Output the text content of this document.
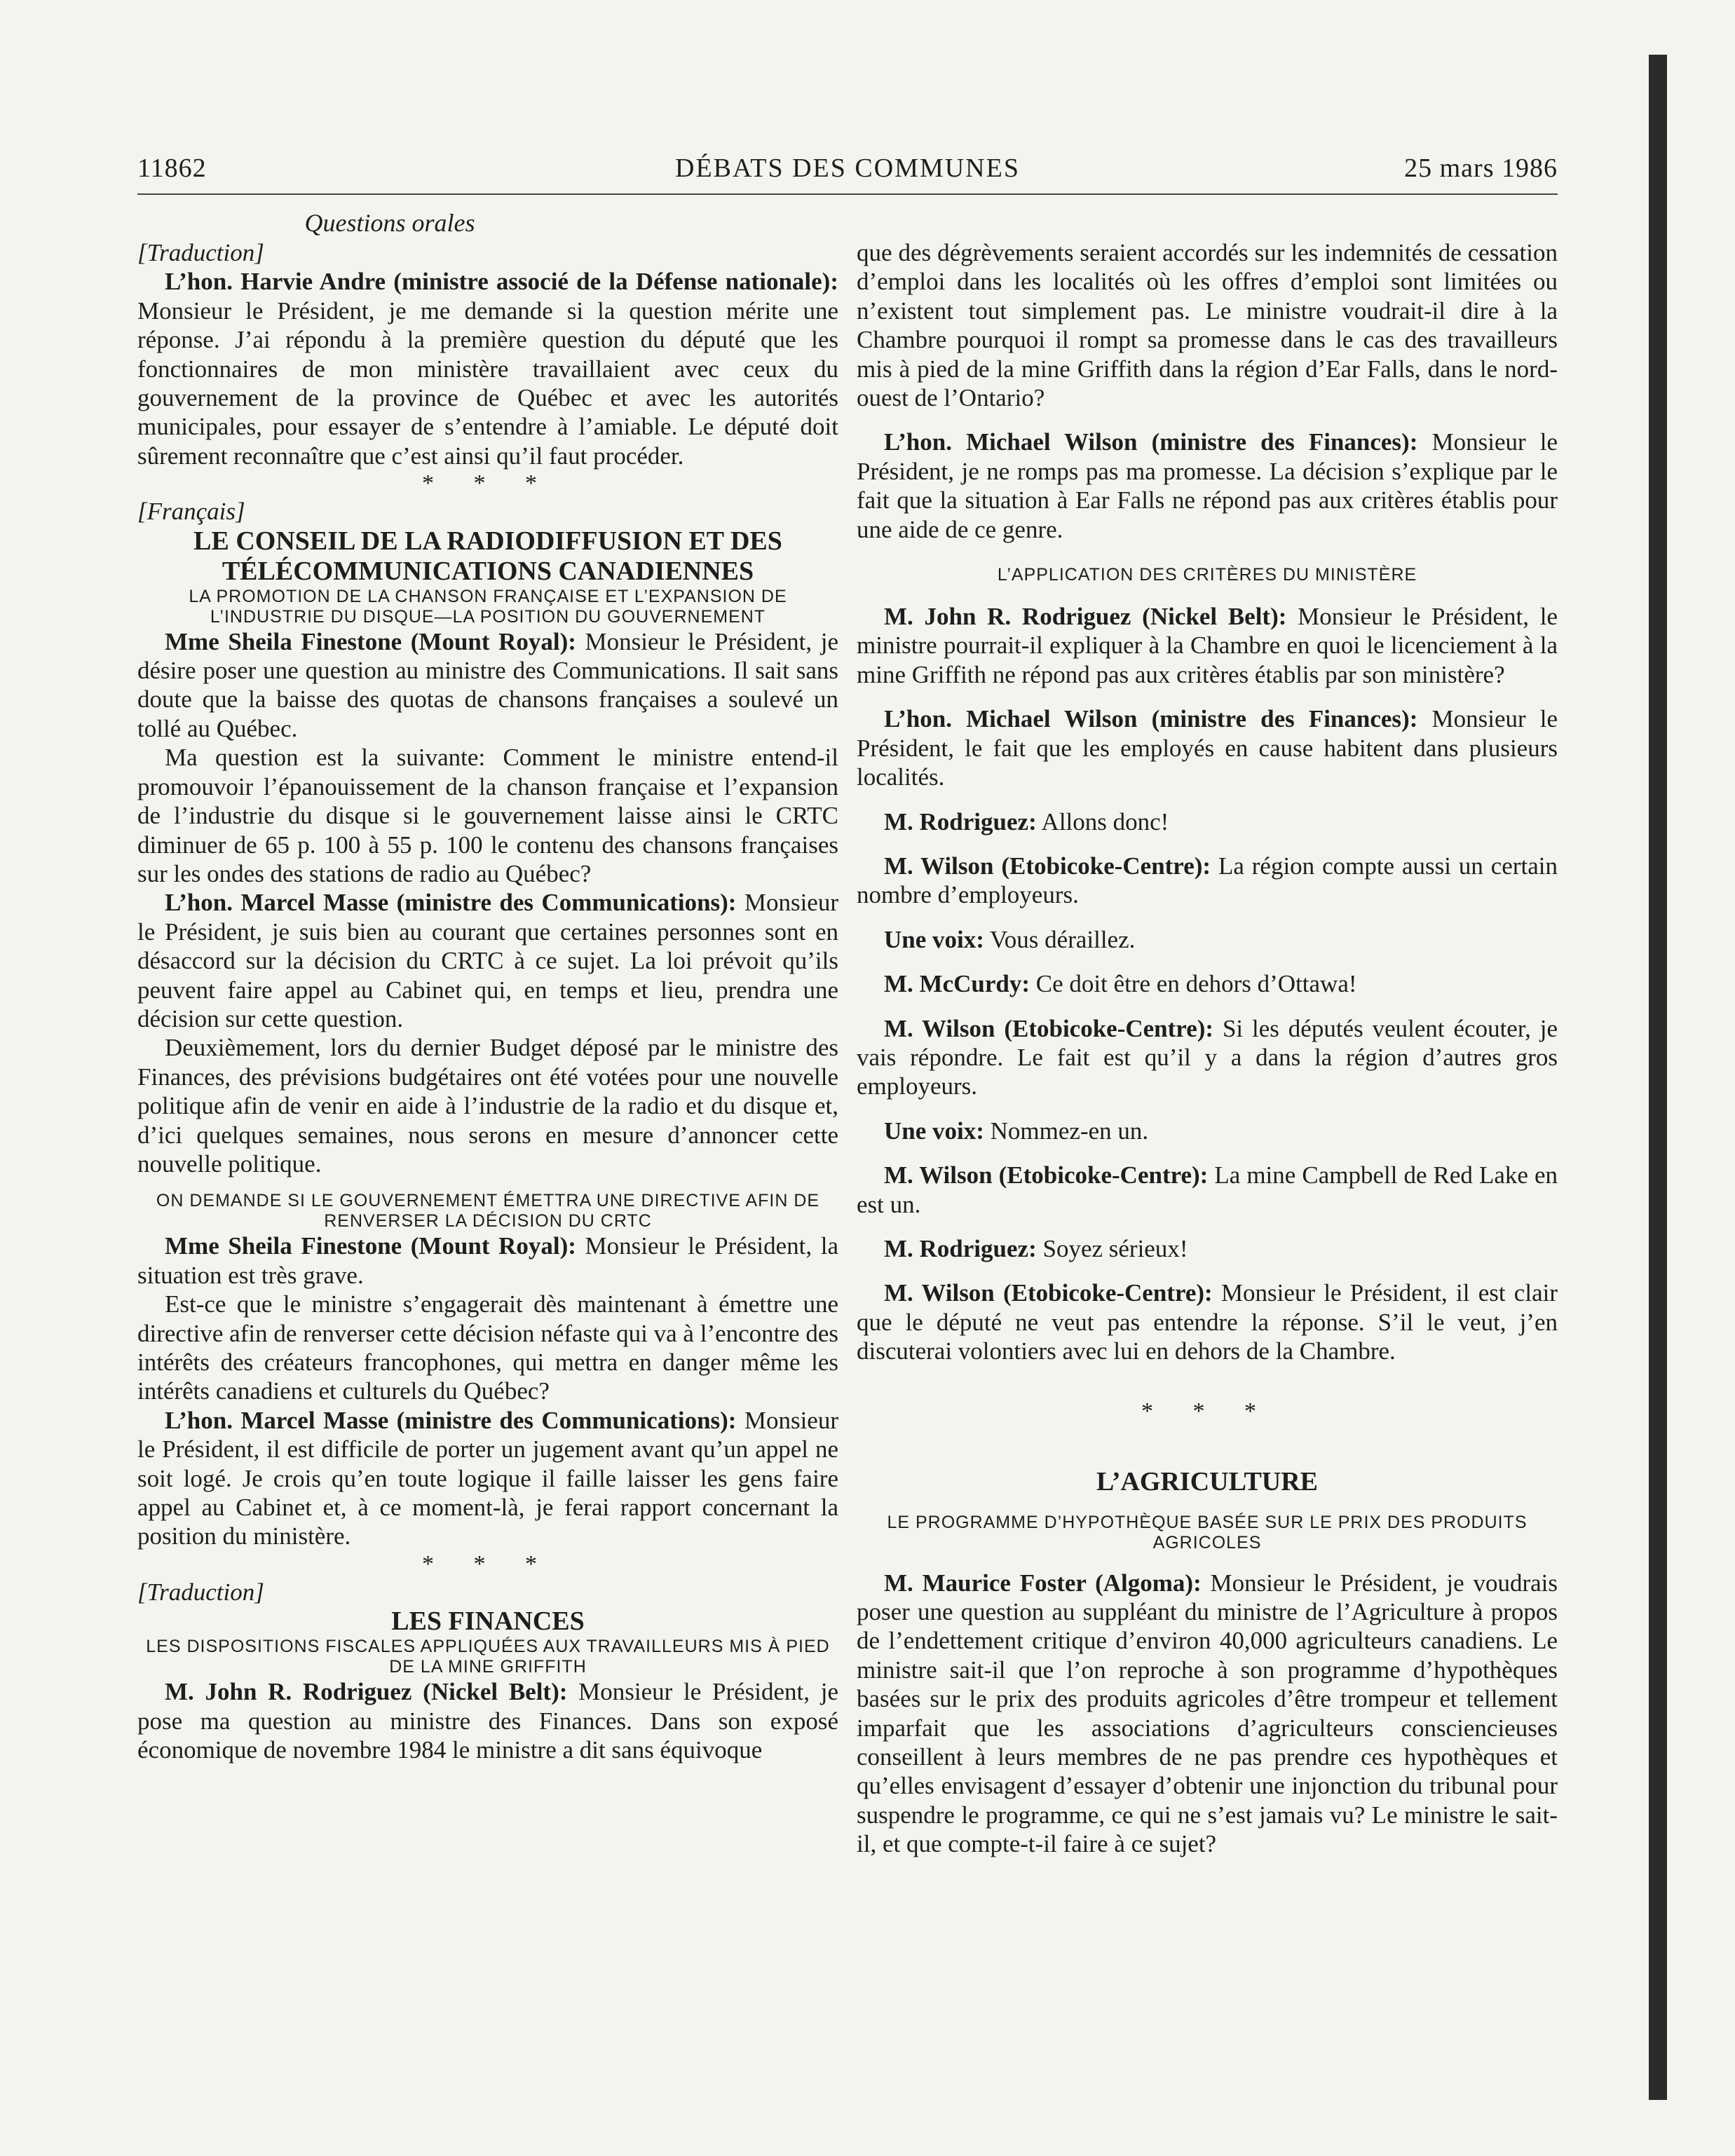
11862	DÉBATS DES COMMUNES	25 mars 1986

Questions orales

[Traduction]

L’hon. Harvie Andre (ministre associé de la Défense nationale): Monsieur le Président, je me demande si la question mérite une réponse. J’ai répondu à la première question du député que les fonctionnaires de mon ministère travaillaient avec ceux du gouvernement de la province de Québec et avec les autorités municipales, pour essayer de s’entendre à l’amiable. Le député doit sûrement reconnaître que c’est ainsi qu’il faut procéder.

* * *

[Français]

LE CONSEIL DE LA RADIODIFFUSION ET DES TÉLÉCOMMUNICATIONS CANADIENNES

LA PROMOTION DE LA CHANSON FRANÇAISE ET L’EXPANSION DE L’INDUSTRIE DU DISQUE—LA POSITION DU GOUVERNEMENT

Mme Sheila Finestone (Mount Royal): Monsieur le Président, je désire poser une question au ministre des Communications. Il sait sans doute que la baisse des quotas de chansons françaises a soulevé un tollé au Québec.

Ma question est la suivante: Comment le ministre entend-il promouvoir l’épanouissement de la chanson française et l’expansion de l’industrie du disque si le gouvernement laisse ainsi le CRTC diminuer de 65 p. 100 à 55 p. 100 le contenu des chansons françaises sur les ondes des stations de radio au Québec?

L’hon. Marcel Masse (ministre des Communications): Monsieur le Président, je suis bien au courant que certaines personnes sont en désaccord sur la décision du CRTC à ce sujet. La loi prévoit qu’ils peuvent faire appel au Cabinet qui, en temps et lieu, prendra une décision sur cette question.

Deuxièmement, lors du dernier Budget déposé par le ministre des Finances, des prévisions budgétaires ont été votées pour une nouvelle politique afin de venir en aide à l’industrie de la radio et du disque et, d’ici quelques semaines, nous serons en mesure d’annoncer cette nouvelle politique.

ON DEMANDE SI LE GOUVERNEMENT ÉMETTRA UNE DIRECTIVE AFIN DE RENVERSER LA DÉCISION DU CRTC

Mme Sheila Finestone (Mount Royal): Monsieur le Président, la situation est très grave.

Est-ce que le ministre s’engagerait dès maintenant à émettre une directive afin de renverser cette décision néfaste qui va à l’encontre des intérêts des créateurs francophones, qui mettra en danger même les intérêts canadiens et culturels du Québec?

L’hon. Marcel Masse (ministre des Communications): Monsieur le Président, il est difficile de porter un jugement avant qu’un appel ne soit logé. Je crois qu’en toute logique il faille laisser les gens faire appel au Cabinet et, à ce moment-là, je ferai rapport concernant la position du ministère.

* * *

[Traduction]

LES FINANCES

LES DISPOSITIONS FISCALES APPLIQUÉES AUX TRAVAILLEURS MIS À PIED DE LA MINE GRIFFITH

M. John R. Rodriguez (Nickel Belt): Monsieur le Président, je pose ma question au ministre des Finances. Dans son exposé économique de novembre 1984 le ministre a dit sans équivoque

que des dégrèvements seraient accordés sur les indemnités de cessation d’emploi dans les localités où les offres d’emploi sont limitées ou n’existent tout simplement pas. Le ministre voudrait-il dire à la Chambre pourquoi il rompt sa promesse dans le cas des travailleurs mis à pied de la mine Griffith dans la région d’Ear Falls, dans le nord-ouest de l’Ontario?

L’hon. Michael Wilson (ministre des Finances): Monsieur le Président, je ne romps pas ma promesse. La décision s’explique par le fait que la situation à Ear Falls ne répond pas aux critères établis pour une aide de ce genre.

L’APPLICATION DES CRITÈRES DU MINISTÈRE

M. John R. Rodriguez (Nickel Belt): Monsieur le Président, le ministre pourrait-il expliquer à la Chambre en quoi le licenciement à la mine Griffith ne répond pas aux critères établis par son ministère?

L’hon. Michael Wilson (ministre des Finances): Monsieur le Président, le fait que les employés en cause habitent dans plusieurs localités.

M. Rodriguez: Allons donc!

M. Wilson (Etobicoke-Centre): La région compte aussi un certain nombre d’employeurs.

Une voix: Vous déraillez.

M. McCurdy: Ce doit être en dehors d’Ottawa!

M. Wilson (Etobicoke-Centre): Si les députés veulent écouter, je vais répondre. Le fait est qu’il y a dans la région d’autres gros employeurs.

Une voix: Nommez-en un.

M. Wilson (Etobicoke-Centre): La mine Campbell de Red Lake en est un.

M. Rodriguez: Soyez sérieux!

M. Wilson (Etobicoke-Centre): Monsieur le Président, il est clair que le député ne veut pas entendre la réponse. S’il le veut, j’en discuterai volontiers avec lui en dehors de la Chambre.

* * *

L’AGRICULTURE

LE PROGRAMME D’HYPOTHÈQUE BASÉE SUR LE PRIX DES PRODUITS AGRICOLES

M. Maurice Foster (Algoma): Monsieur le Président, je voudrais poser une question au suppléant du ministre de l’Agriculture à propos de l’endettement critique d’environ 40,000 agriculteurs canadiens. Le ministre sait-il que l’on reproche à son programme d’hypothèques basées sur le prix des produits agricoles d’être trompeur et tellement imparfait que les associations d’agriculteurs consciencieuses conseillent à leurs membres de ne pas prendre ces hypothèques et qu’elles envisagent d’essayer d’obtenir une injonction du tribunal pour suspendre le programme, ce qui ne s’est jamais vu? Le ministre le sait-il, et que compte-t-il faire à ce sujet?
